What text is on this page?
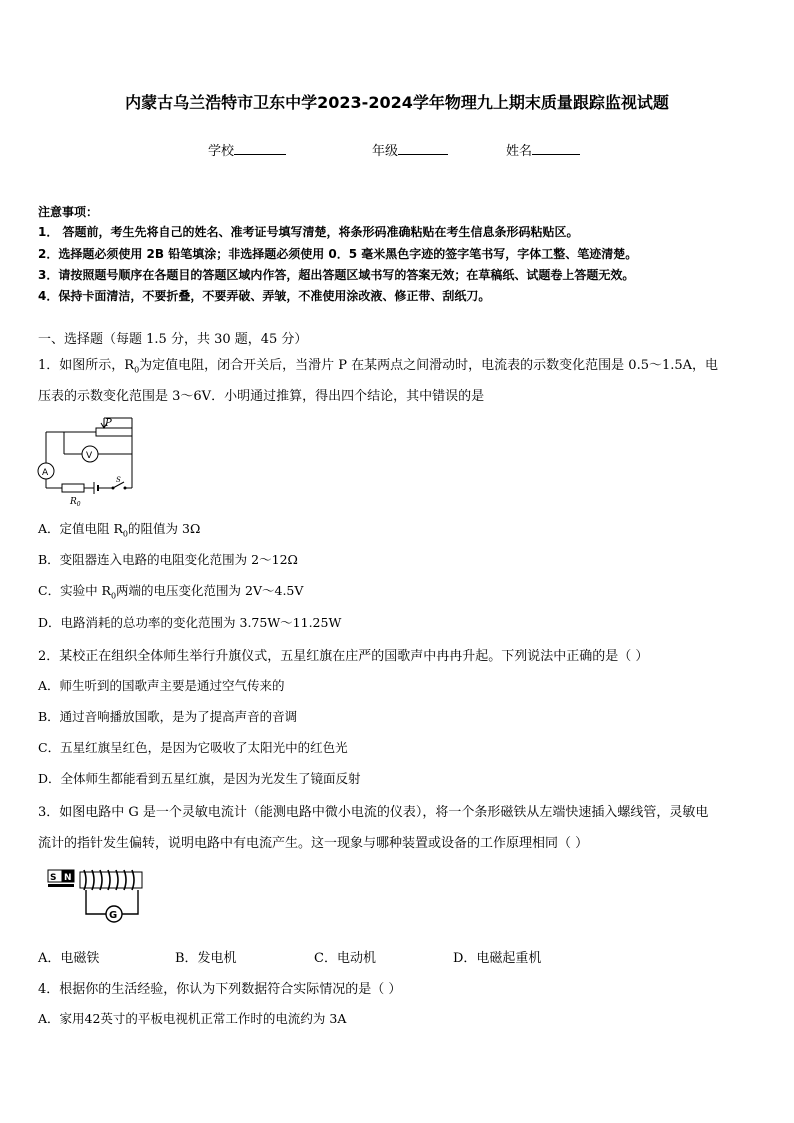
内蒙古乌兰浩特市卫东中学2023-2024学年物理九上期末质量跟踪监视试题
学校	年级	姓名
注意事项：
1． 答题前，考生先将自己的姓名、准考证号填写清楚，将条形码准确粘贴在考生信息条形码粘贴区。
2．选择题必须使用 2B 铅笔填涂；非选择题必须使用 0．5 毫米黑色字迹的签字笔书写，字体工整、笔迹清楚。
3．请按照题号顺序在各题目的答题区域内作答，超出答题区域书写的答案无效；在草稿纸、试题卷上答题无效。
4．保持卡面清洁，不要折叠，不要弄破、弄皱，不准使用涂改液、修正带、刮纸刀。
一、选择题（每题 1.5 分，共 30 题，45 分）
1．如图所示，$R_0$为定值电阻，闭合开关后，当滑片 P 在某两点之间滑动时，电流表的示数变化范围是 0.5～1.5A，电
压表的示数变化范围是 3～6V．小明通过推算，得出四个结论，其中错误的是
P
V
A
S
$R_0$
A．定值电阻 $R_0$的阻值为 3Ω
B．变阻器连入电路的电阻变化范围为 2～12Ω
C．实验中 $R_0$两端的电压变化范围为 2V～4.5V
D．电路消耗的总功率的变化范围为 3.75W～11.25W
2．某校正在组织全体师生举行升旗仪式，五星红旗在庄严的国歌声中冉冉升起。下列说法中正确的是（ ）
A．师生听到的国歌声主要是通过空气传来的
B．通过音响播放国歌，是为了提高声音的音调
C．五星红旗呈红色，是因为它吸收了太阳光中的红色光
D．全体师生都能看到五星红旗，是因为光发生了镜面反射
3．如图电路中 G 是一个灵敏电流计（能测电路中微小电流的仪表），将一个条形磁铁从左端快速插入螺线管，灵敏电
流计的指针发生偏转，说明电路中有电流产生。这一现象与哪种装置或设备的工作原理相同（ ）
S N
G
A．电磁铁	B．发电机	C．电动机	D．电磁起重机
4．根据你的生活经验，你认为下列数据符合实际情况的是（ ）
A．家用42英寸的平板电视机正常工作时的电流约为 3A
